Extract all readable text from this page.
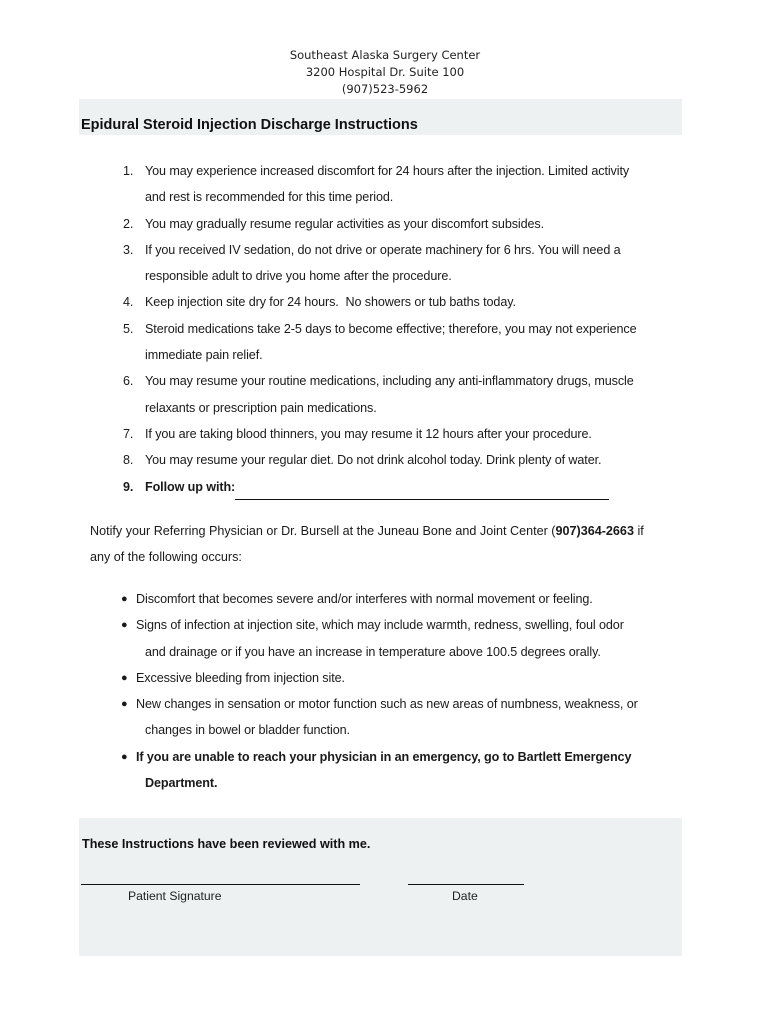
Southeast Alaska Surgery Center
3200 Hospital Dr. Suite 100
(907)523-5962
Epidural Steroid Injection Discharge Instructions
1. You may experience increased discomfort for 24 hours after the injection. Limited activity
and rest is recommended for this time period.
2. You may gradually resume regular activities as your discomfort subsides.
3. If you received IV sedation, do not drive or operate machinery for 6 hrs. You will need a
responsible adult to drive you home after the procedure.
4. Keep injection site dry for 24 hours.  No showers or tub baths today.
5. Steroid medications take 2-5 days to become effective; therefore, you may not experience
immediate pain relief.
6. You may resume your routine medications, including any anti-inflammatory drugs, muscle
relaxants or prescription pain medications.
7. If you are taking blood thinners, you may resume it 12 hours after your procedure.
8. You may resume your regular diet. Do not drink alcohol today. Drink plenty of water.
9. Follow up with:
Notify your Referring Physician or Dr. Bursell at the Juneau Bone and Joint Center (907)364-2663 if
any of the following occurs:
● Discomfort that becomes severe and/or interferes with normal movement or feeling.
● Signs of infection at injection site, which may include warmth, redness, swelling, foul odor
and drainage or if you have an increase in temperature above 100.5 degrees orally.
● Excessive bleeding from injection site.
● New changes in sensation or motor function such as new areas of numbness, weakness, or
changes in bowel or bladder function.
● If you are unable to reach your physician in an emergency, go to Bartlett Emergency
Department.
These Instructions have been reviewed with me.
Patient Signature	Date
